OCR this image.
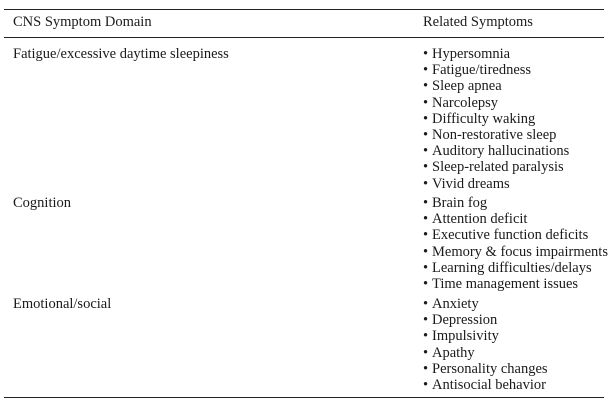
CNS Symptom Domain	Related Symptoms
Fatigue/excessive daytime sleepiness	• Hypersomnia
• Fatigue/tiredness
• Sleep apnea
• Narcolepsy
• Difficulty waking
• Non-restorative sleep
• Auditory hallucinations
• Sleep-related paralysis
• Vivid dreams
Cognition	• Brain fog
• Attention deficit
• Executive function deficits
• Memory & focus impairments
• Learning difficulties/delays
• Time management issues
Emotional/social	• Anxiety
• Depression
• Impulsivity
• Apathy
• Personality changes
• Antisocial behavior
